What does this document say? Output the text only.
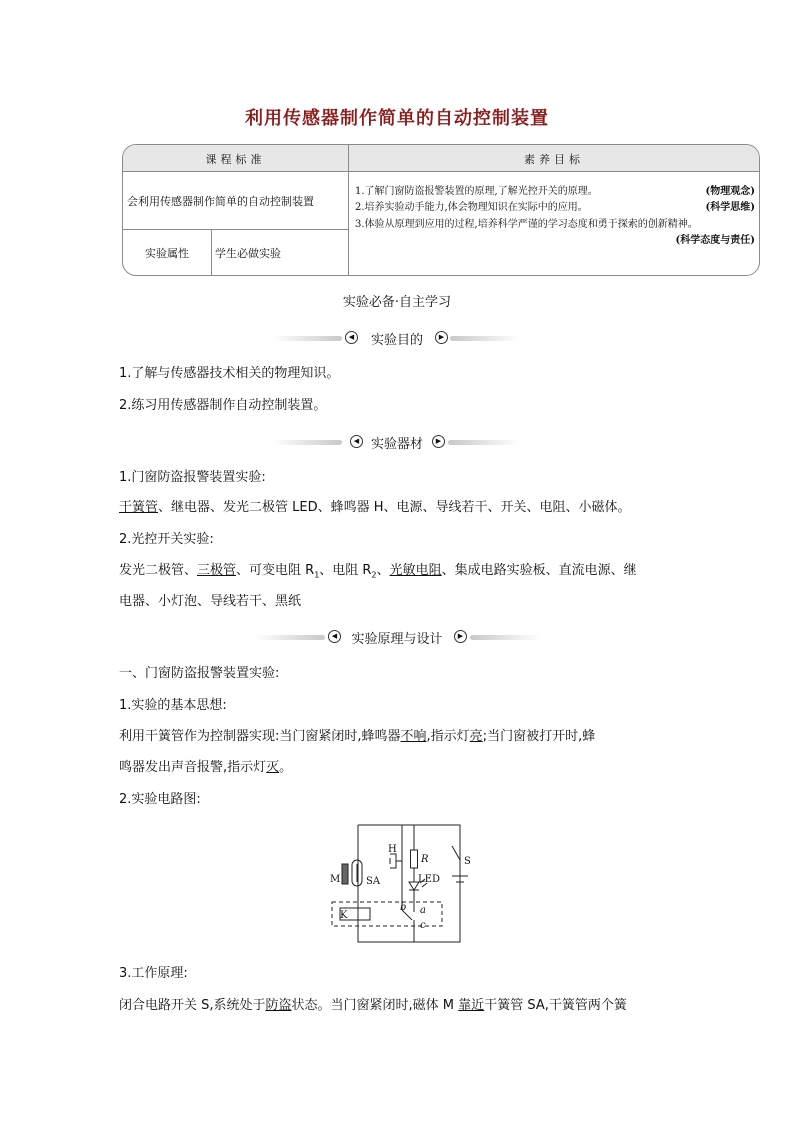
利用传感器制作简单的自动控制装置
课程标准	素养目标
会利用传感器制作简单的自动控制装置
实验属性	学生必做实验
1.了解门窗防盗报警装置的原理,了解光控开关的原理。	(物理观念)
2.培养实验动手能力,体会物理知识在实际中的应用。	(科学思维)
3.体验从原理到应用的过程,培养科学严谨的学习态度和勇于探索的创新精神。
(科学态度与责任)
实验必备·自主学习
◀	实验目的	▶
1.了解与传感器技术相关的物理知识。
2.练习用传感器制作自动控制装置。
◀ 实验器材	▶
1.门窗防盗报警装置实验:
干簧管、继电器、发光二极管 LED、蜂鸣器 H、电源、导线若干、开关、电阻、小磁体。
2.光控开关实验:
发光二极管、三极管、可变电阻 $R_1$、电阻 $R_2$、光敏电阻、集成电路实验板、直流电源、继
电器、小灯泡、导线若干、黑纸
◀	实验原理与设计	▶
一、门窗防盗报警装置实验:
1.实验的基本思想:
利用干簧管作为控制器实现:当门窗紧闭时,蜂鸣器不响,指示灯亮;当门窗被打开时,蜂
鸣器发出声音报警,指示灯灭。
2.实验电路图:
M	SA
H
R
LED
S
K
b a
c
3.工作原理:
闭合电路开关 S,系统处于防盗状态。当门窗紧闭时,磁体 M 靠近干簧管 SA,干簧管两个簧
